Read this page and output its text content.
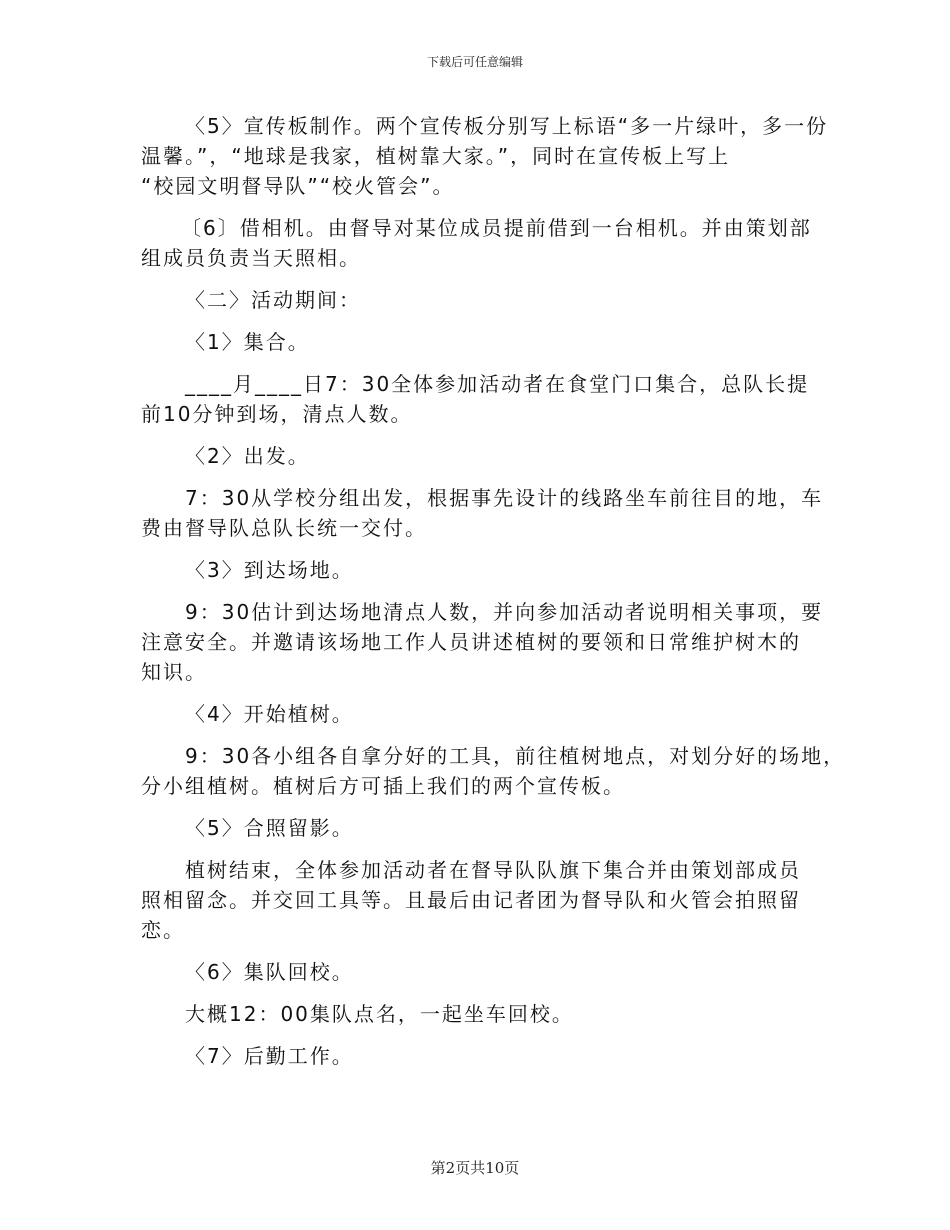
下载后可任意编辑
〈5〉宣传板制作。两个宣传板分别写上标语“多一片绿叶，多一份
温馨。”，“地球是我家，植树靠大家。”，同时在宣传板上写上
“校园文明督导队”“校火管会”。
〔6〕借相机。由督导对某位成员提前借到一台相机。并由策划部
组成员负责当天照相。
〈二〉活动期间：
〈1〉集合。
____月____日7：30全体参加活动者在食堂门口集合，总队长提
前10分钟到场，清点人数。
〈2〉出发。
7：30从学校分组出发，根据事先设计的线路坐车前往目的地，车
费由督导队总队长统一交付。
〈3〉到达场地。
9：30估计到达场地清点人数，并向参加活动者说明相关事项，要
注意安全。并邀请该场地工作人员讲述植树的要领和日常维护树木的
知识。
〈4〉开始植树。
9：30各小组各自拿分好的工具，前往植树地点，对划分好的场地，
分小组植树。植树后方可插上我们的两个宣传板。
〈5〉合照留影。
植树结束，全体参加活动者在督导队队旗下集合并由策划部成员
照相留念。并交回工具等。且最后由记者团为督导队和火管会拍照留
恋。
〈6〉集队回校。
大概12：00集队点名，一起坐车回校。
〈7〉后勤工作。
第2页共10页
